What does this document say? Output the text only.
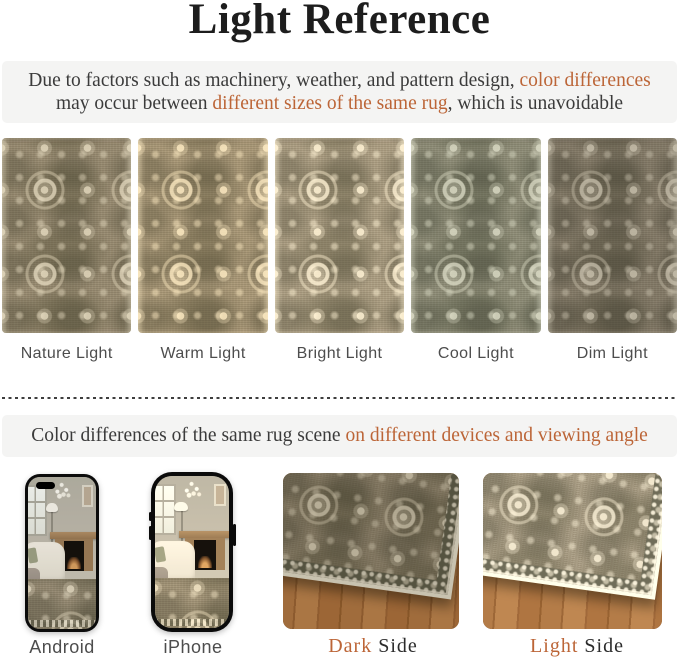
Light Reference
Due to factors such as machinery, weather, and pattern design, color differences
may occur between different sizes of the same rug, which is unavoidable
Nature Light	Warm Light	Bright Light	Cool Light	Dim Light
Color differences of the same rug scene on different devices and viewing angle
Android	iPhone	Dark Side	Light Side
